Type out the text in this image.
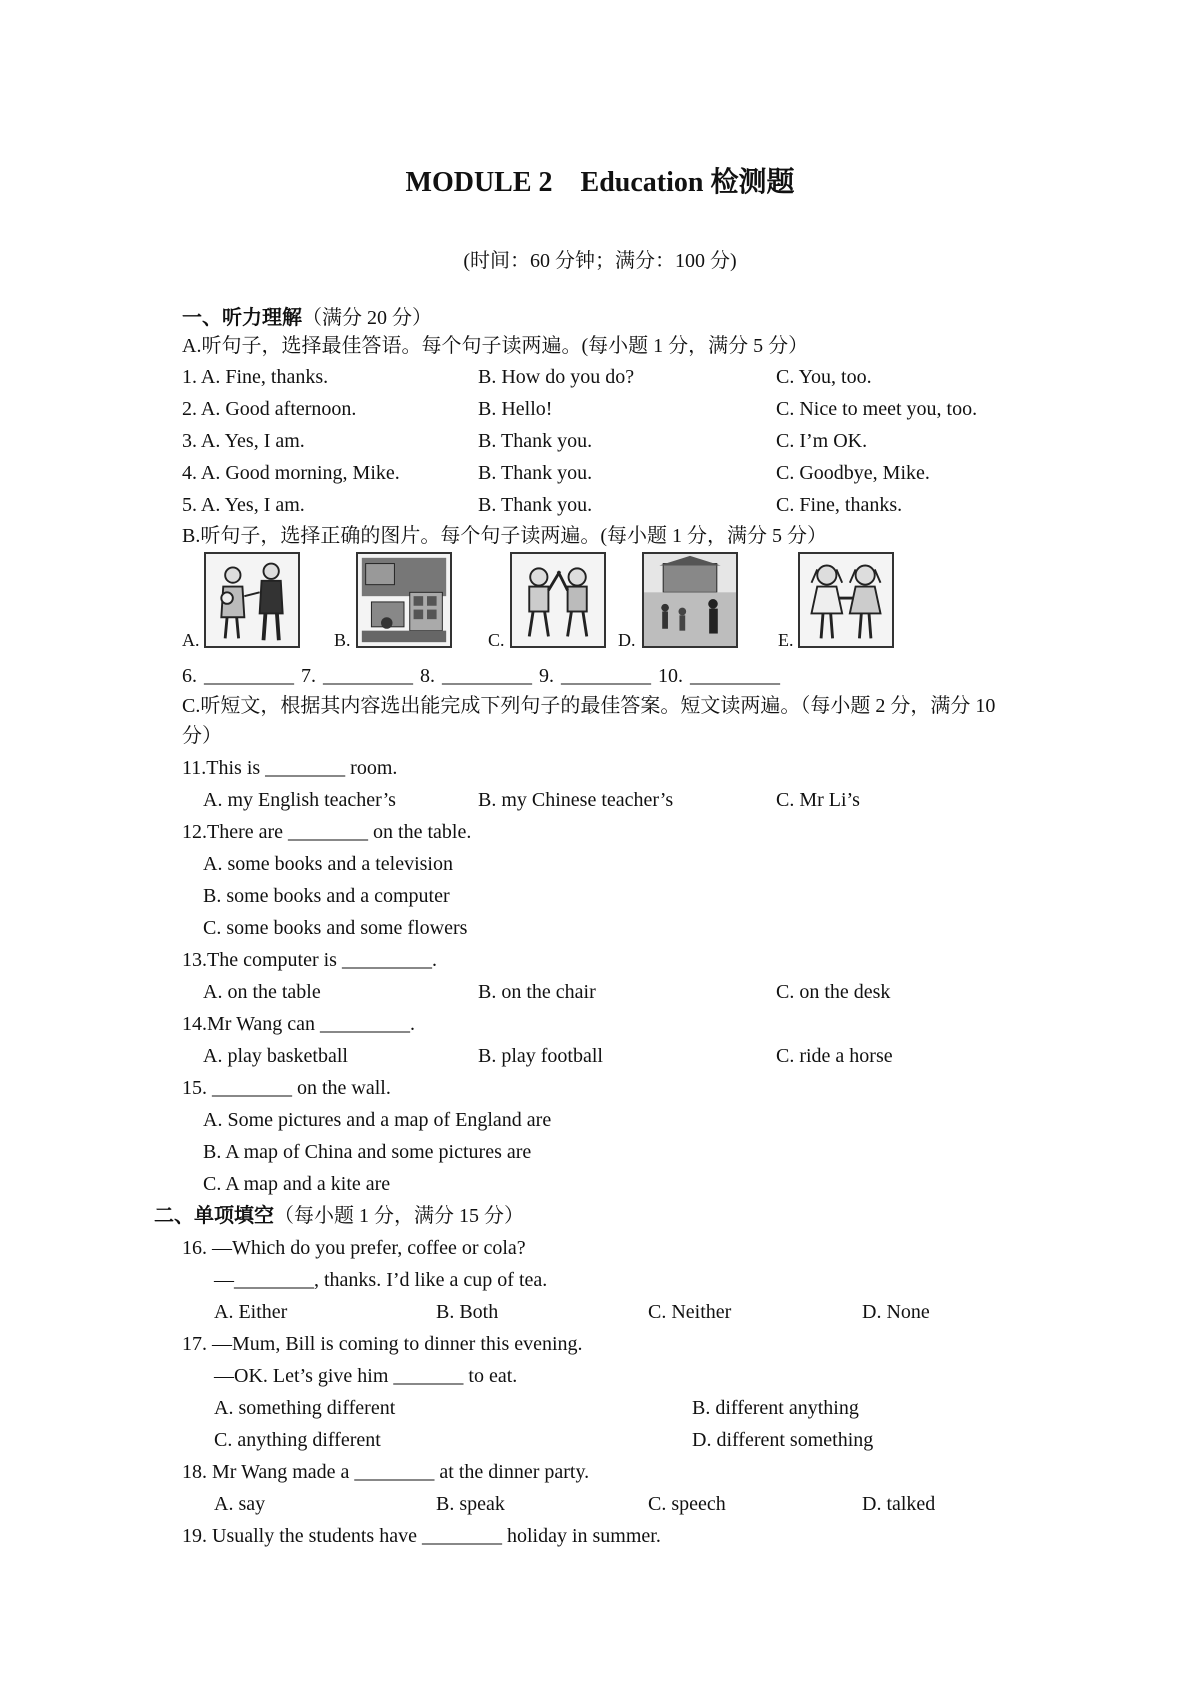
MODULE 2　Education 检测题
(时间：60 分钟；满分：100 分)
一、听力理解（满分 20 分）
A.听句子，选择最佳答语。每个句子读两遍。(每小题 1 分，满分 5 分）
1. A. Fine, thanks.	B. How do you do?	C. You, too.
2. A. Good afternoon.	B. Hello!	C. Nice to meet you, too.
3. A. Yes, I am.	B. Thank you.	C. I’m OK.
4. A. Good morning, Mike.	B. Thank you.	C. Goodbye, Mike.
5. A. Yes, I am.	B. Thank you.	C. Fine, thanks.
B.听句子，选择正确的图片。每个句子读两遍。(每小题 1 分，满分 5 分）
A.	B.	C.	D.	E.
6. _________ 7. _________ 8. _________ 9. _________ 10. _________
C.听短文，根据其内容选出能完成下列句子的最佳答案。短文读两遍。（每小题 2 分，满分 10
分）
11.This is ________ room.
A. my English teacher’s	B. my Chinese teacher’s	C. Mr Li’s
12.There are ________ on the table.
A. some books and a television
B. some books and a computer
C. some books and some flowers
13.The computer is _________.
A. on the table	B. on the chair	C. on the desk
14.Mr Wang can _________.
A. play basketball	B. play football	C. ride a horse
15. ________ on the wall.
A. Some pictures and a map of England are
B. A map of China and some pictures are
C. A map and a kite are
二、单项填空（每小题 1 分，满分 15 分）
16. —Which do you prefer, coffee or cola?
—________, thanks. I’d like a cup of tea.
A. Either	B. Both	C. Neither	D. None
17. —Mum, Bill is coming to dinner this evening.
—OK. Let’s give him _______ to eat.
A. something different	B. different anything
C. anything different	D. different something
18. Mr Wang made a ________ at the dinner party.
A. say	B. speak	C. speech	D. talked
19. Usually the students have ________ holiday in summer.
